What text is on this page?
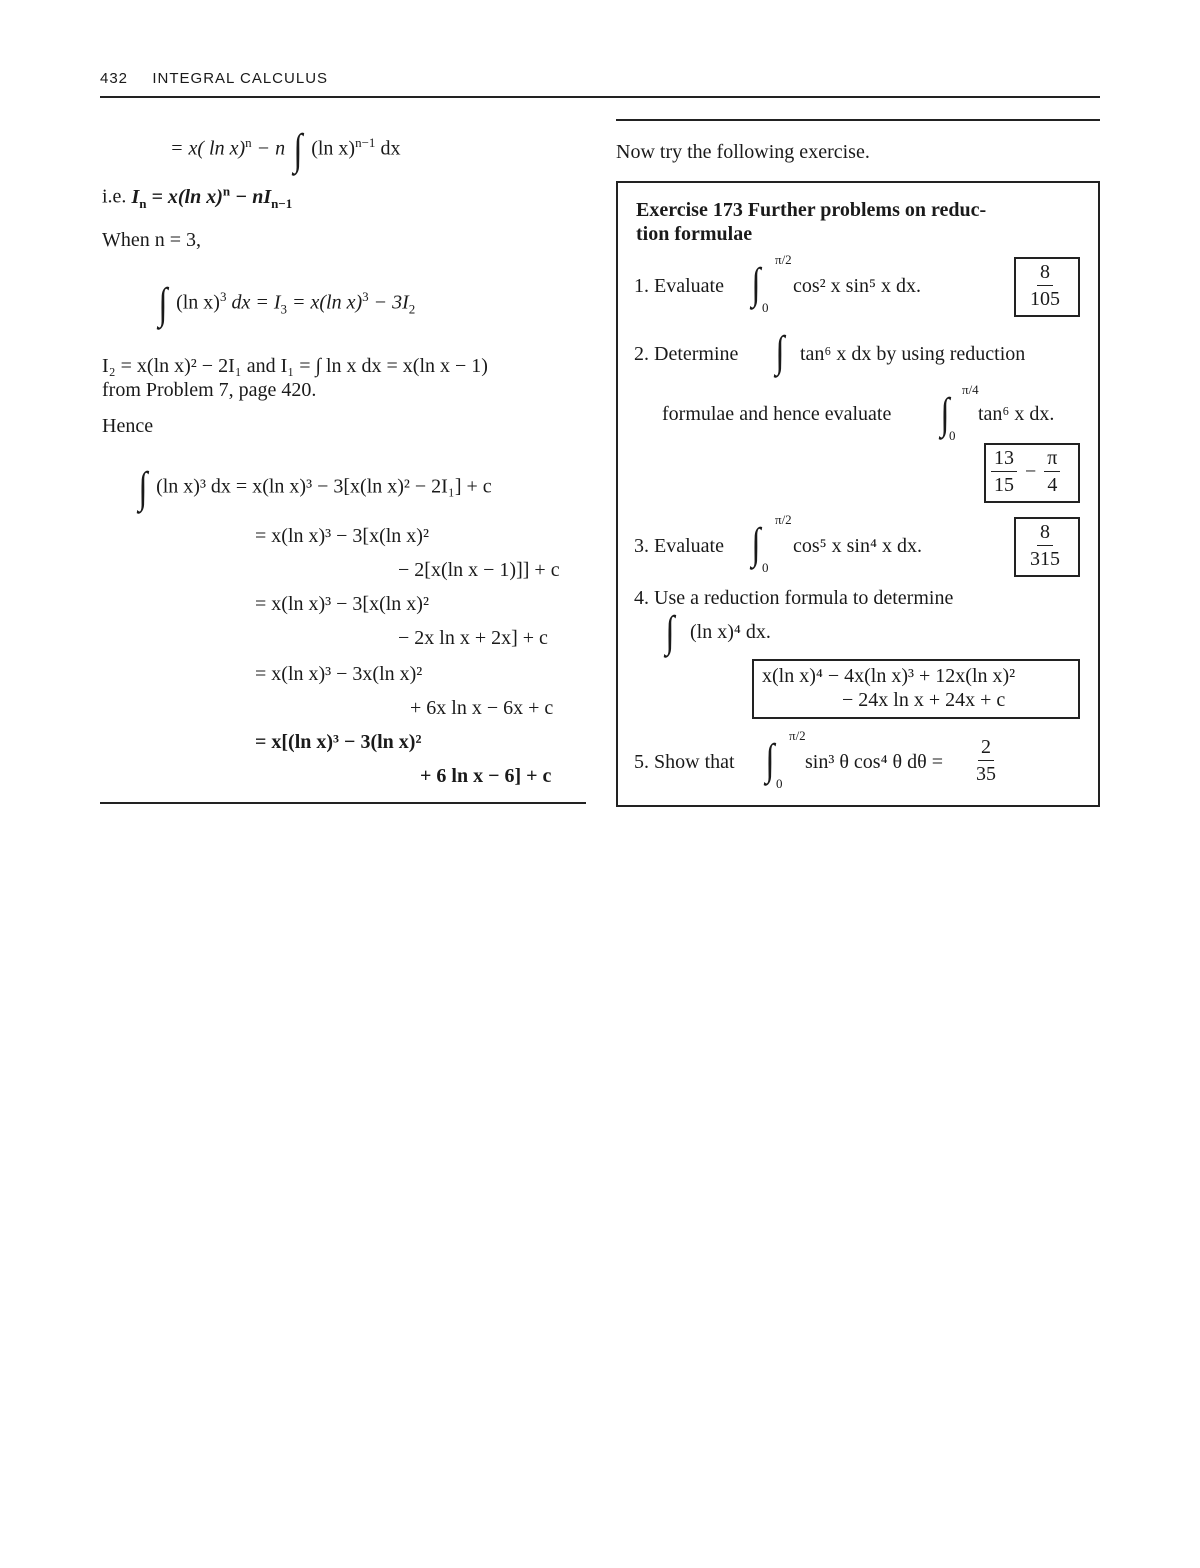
432 INTEGRAL CALCULUS
= x( ln x)$^n$ − n ∫ (ln x)$^{n-1}$ dx
i.e. $I_n = x(\ln$ $x)^n - nI_{n-1}$
When n = 3,
∫ (ln x)$^3$ dx = $I_3 = x(\ln$ $x)^3 - 3I_2$
I₂ = x(ln x)² − 2I₁ and I₁ = ∫ ln x dx = x(ln x − 1)
from Problem 7, page 420.
Hence
∫ (ln x)³ dx = x(ln x)³ − 3[x(ln x)² − 2I₁] + c
= x(ln x)³ − 3[x(ln x)²
− 2[x(ln x − 1)]] + c
= x(ln x)³ − 3[x(ln x)²
− 2x ln x + 2x] + c
= x(ln x)³ − 3x(ln x)²
+ 6x ln x − 6x + c
= x[(ln x)³ − 3(ln x)²
+ 6 ln x − 6] + c
Now try the following exercise.
Exercise 173 Further problems on reduc-
tion formulae
1. Evaluate ∫ π/2
0
cos² x sin⁵ x dx.	$\frac{8}{105}$
2. Determine ∫ tan⁶ x dx by using reduction
formulae and hence evaluate ∫ π/4
0
tan⁶ x dx.
$\frac{13}{15} - \frac{\pi}{4}$
3. Evaluate ∫ π/2
0
cos⁵ x sin⁴ x dx.	$\frac{8}{315}$
4. Use a reduction formula to determine
∫ (ln x)⁴ dx.
x(ln x)⁴ − 4x(ln x)³ + 12x(ln x)²
− 24x ln x + 24x + c
5. Show that ∫ π/2
0
sin³ θ cos⁴ θ $d\theta = \frac{2}{35}$
